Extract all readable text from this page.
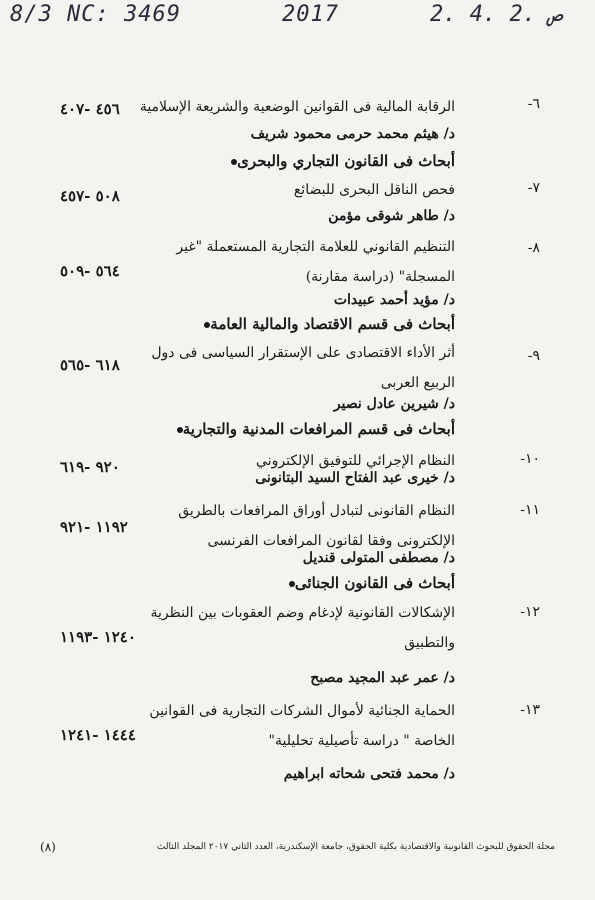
8/3 NC: 3469	2017	2. 4. 2. ص
٦-
الرقابة المالية فى القوانين الوضعية والشريعة الإسلامية
٤٥٦ -٤٠٧
د/ هيثم محمد حرمى محمود شريف
أبحاث فى القانون التجاري والبحرى
٧-
فحص الناقل البحرى للبضائع
٥٠٨ -٤٥٧
د/ طاهر شوقى مؤمن
٨-
التنظيم القانوني للعلامة التجارية المستعملة "غير المسجلة" (دراسة مقارنة)
٥٦٤ -٥٠٩
د/ مؤيد أحمد عبيدات
أبحاث فى قسم الاقتصاد والمالية العامة
٩-
أثر الأداء الاقتصادى على الإستقرار السياسى فى دول الربيع العربى
٦١٨ -٥٦٥
د/ شيرين عادل نصير
أبحاث فى قسم المرافعات المدنية والتجارية
١٠-
النظام الإجرائي للتوفيق الإلكتروني
٩٢٠ -٦١٩
د/ خيرى عبد الفتاح السيد البتانونى
١١-
النظام القانونى لتبادل أوراق المرافعات بالطريق الإلكترونى وفقا لقانون المرافعات الفرنسى
١١٩٢ -٩٢١
د/ مصطفى المتولى قنديل
أبحاث فى القانون الجنائى
١٢-
الإشكالات القانونية لإدغام وضم العقوبات بين النظرية والتطبيق
١٢٤٠ -١١٩٣
د/ عمر عبد المجيد مصبح
١٣-
الحماية الجنائية لأموال الشركات التجارية فى القوانين الخاصة " دراسة تأصيلية تحليلية"
١٤٤٤ -١٢٤١
د/ محمد فتحى شحاته ابراهيم
مجلة الحقوق للبحوث القانونية والاقتصادية بكلية الحقوق، جامعة الإسكندرية، العدد الثاني ٢٠١٧ المجلد الثالث
(٨)
